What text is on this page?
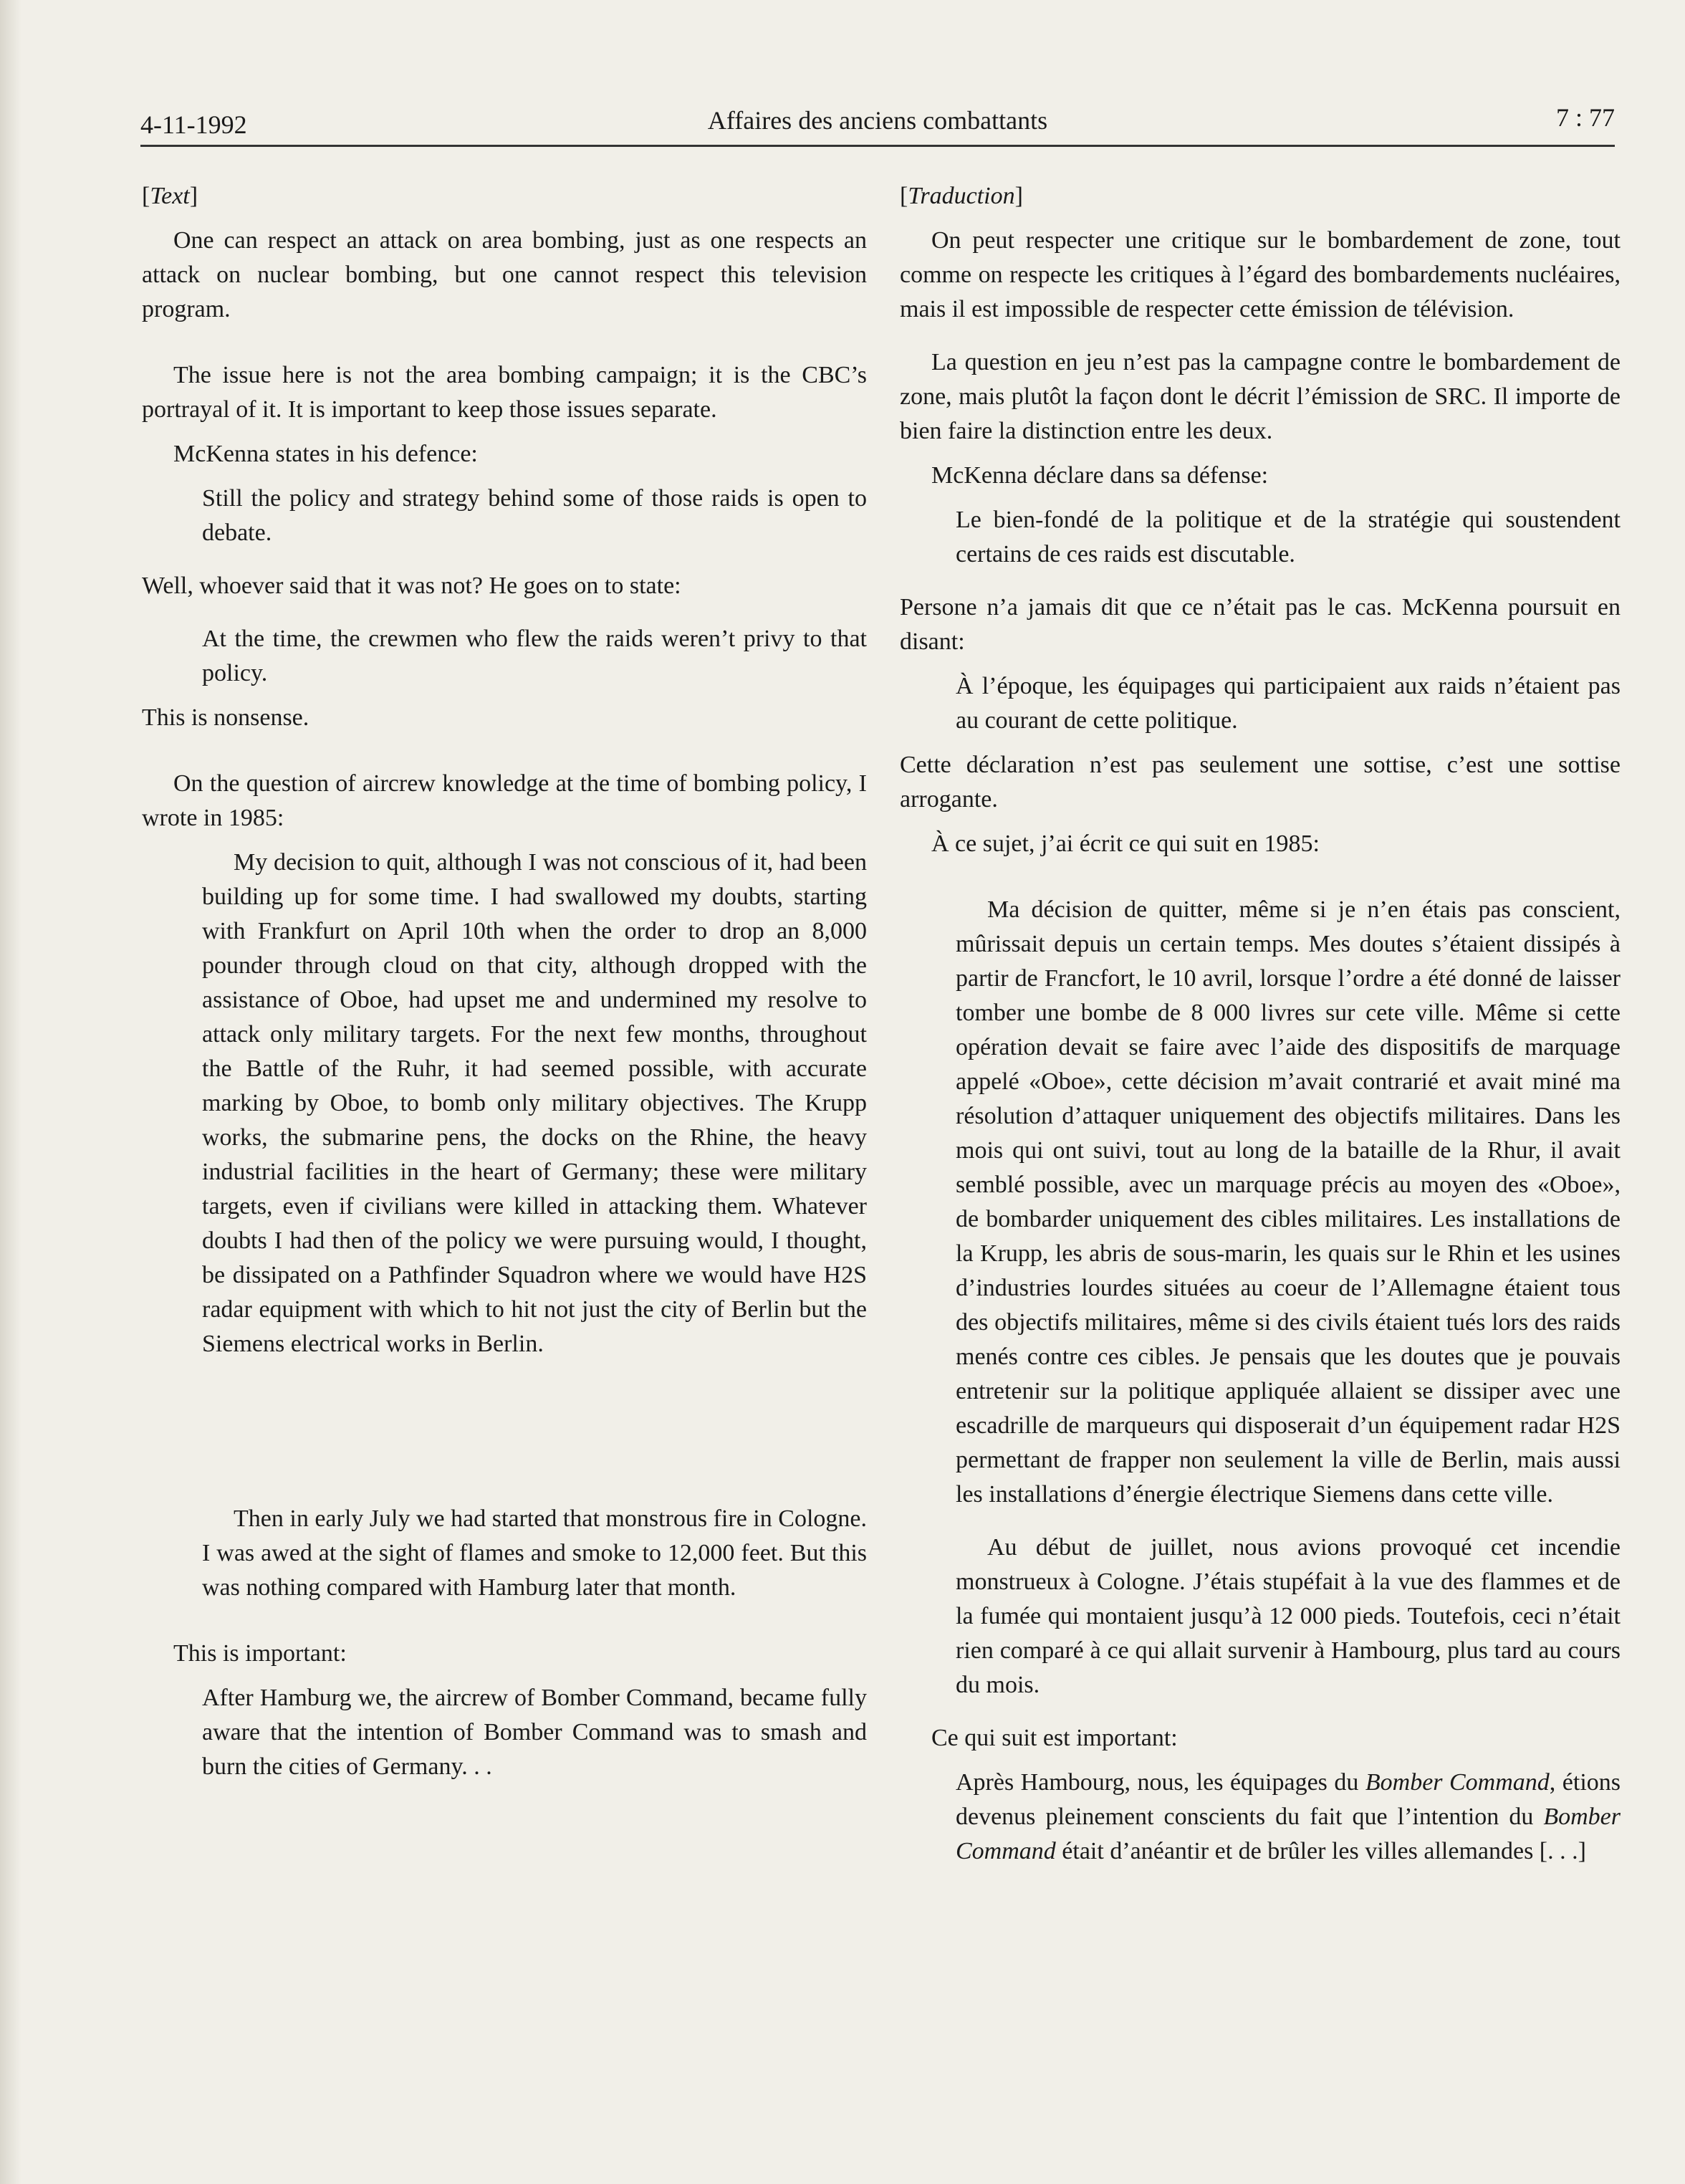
4-11-1992	Affaires des anciens combattants	7 : 77

[Text]

One can respect an attack on area bombing, just as one respects an attack on nuclear bombing, but one cannot respect this television program.

The issue here is not the area bombing campaign; it is the CBC’s portrayal of it. It is important to keep those issues separate.

McKenna states in his defence:

Still the policy and strategy behind some of those raids is open to debate.

Well, whoever said that it was not? He goes on to state:

At the time, the crewmen who flew the raids weren’t privy to that policy.

This is nonsense.

On the question of aircrew knowledge at the time of bombing policy, I wrote in 1985:

My decision to quit, although I was not conscious of it, had been building up for some time. I had swallowed my doubts, starting with Frankfurt on April 10th when the order to drop an 8,000 pounder through cloud on that city, although dropped with the assistance of Oboe, had upset me and undermined my resolve to attack only military targets. For the next few months, throughout the Battle of the Ruhr, it had seemed possible, with accurate marking by Oboe, to bomb only military objectives. The Krupp works, the submarine pens, the docks on the Rhine, the heavy industrial facilities in the heart of Germany; these were military targets, even if civilians were killed in attacking them. Whatever doubts I had then of the policy we were pursuing would, I thought, be dissipated on a Pathfinder Squadron where we would have H2S radar equipment with which to hit not just the city of Berlin but the Siemens electrical works in Berlin.

Then in early July we had started that monstrous fire in Cologne. I was awed at the sight of flames and smoke to 12,000 feet. But this was nothing compared with Hamburg later that month.

This is important:

After Hamburg we, the aircrew of Bomber Command, became fully aware that the intention of Bomber Command was to smash and burn the cities of Germany. . .

[Traduction]

On peut respecter une critique sur le bombardement de zone, tout comme on respecte les critiques à l’égard des bombardements nucléaires, mais il est impossible de respecter cette émission de télévision.

La question en jeu n’est pas la campagne contre le bombardement de zone, mais plutôt la façon dont le décrit l’émission de SRC. Il importe de bien faire la distinction entre les deux.

McKenna déclare dans sa défense:

Le bien-fondé de la politique et de la stratégie qui soustendent certains de ces raids est discutable.

Persone n’a jamais dit que ce n’était pas le cas. McKenna poursuit en disant:

À l’époque, les équipages qui participaient aux raids n’étaient pas au courant de cette politique.

Cette déclaration n’est pas seulement une sottise, c’est une sottise arrogante.

À ce sujet, j’ai écrit ce qui suit en 1985:

Ma décision de quitter, même si je n’en étais pas conscient, mûrissait depuis un certain temps. Mes doutes s’étaient dissipés à partir de Francfort, le 10 avril, lorsque l’ordre a été donné de laisser tomber une bombe de 8 000 livres sur cete ville. Même si cette opération devait se faire avec l’aide des dispositifs de marquage appelé «Oboe», cette décision m’avait contrarié et avait miné ma résolution d’attaquer uniquement des objectifs militaires. Dans les mois qui ont suivi, tout au long de la bataille de la Rhur, il avait semblé possible, avec un marquage précis au moyen des «Oboe», de bombarder uniquement des cibles militaires. Les installations de la Krupp, les abris de sous-marin, les quais sur le Rhin et les usines d’industries lourdes situées au coeur de l’Allemagne étaient tous des objectifs militaires, même si des civils étaient tués lors des raids menés contre ces cibles. Je pensais que les doutes que je pouvais entretenir sur la politique appliquée allaient se dissiper avec une escadrille de marqueurs qui disposerait d’un équipement radar H2S permettant de frapper non seulement la ville de Berlin, mais aussi les installations d’énergie électrique Siemens dans cette ville.

Au début de juillet, nous avions provoqué cet incendie monstrueux à Cologne. J’étais stupéfait à la vue des flammes et de la fumée qui montaient jusqu’à 12 000 pieds. Toutefois, ceci n’était rien comparé à ce qui allait survenir à Hambourg, plus tard au cours du mois.

Ce qui suit est important:

Après Hambourg, nous, les équipages du Bomber Command, étions devenus pleinement conscients du fait que l’intention du Bomber Command était d’anéantir et de brûler les villes allemandes [. . .]
